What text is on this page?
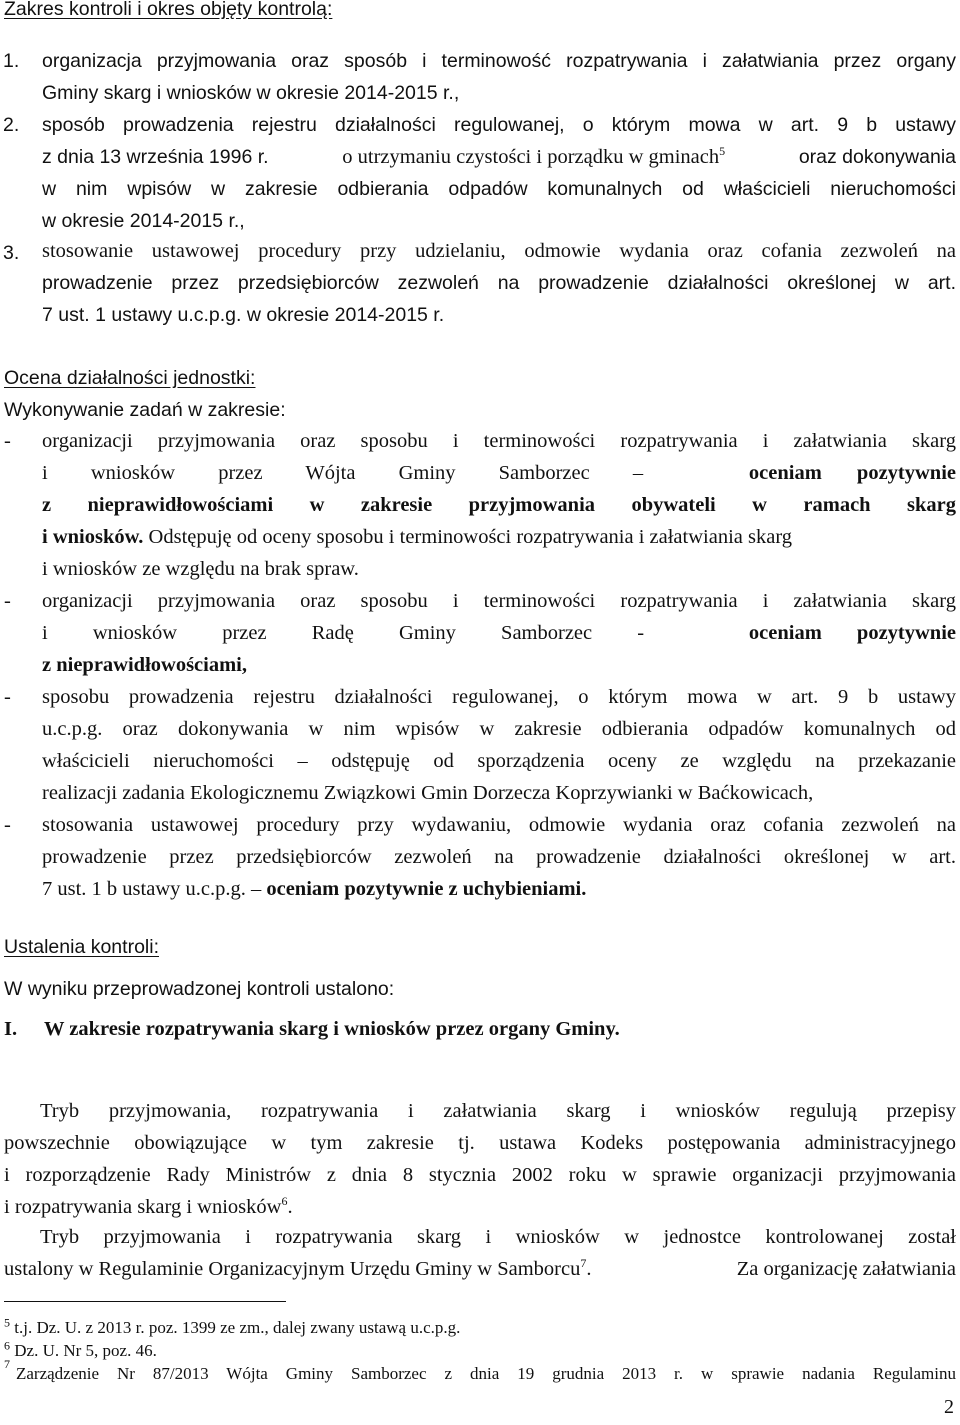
Zakres kontroli i okres objęty kontrolą:
1. organizacja przyjmowania oraz sposób i terminowość rozpatrywania i załatwiania przez organy
Gminy skarg i wniosków w okresie 2014-2015 r.,
2. sposób prowadzenia rejestru działalności regulowanej, o którym mowa w art. 9 b ustawy
z dnia 13 września 1996 r.	o utrzymaniu czystości i porządku w gminach$^5$	oraz dokonywania
w nim wpisów w zakresie odbierania odpadów komunalnych od właścicieli nieruchomości
w okresie 2014-2015 r.,
3. stosowanie ustawowej procedury przy udzielaniu, odmowie wydania oraz cofania zezwoleń na
prowadzenie przez przedsiębiorców zezwoleń na prowadzenie działalności określonej w art.
7 ust. 1 ustawy u.c.p.g. w okresie 2014-2015 r.
Ocena działalności jednostki:
Wykonywanie zadań w zakresie:
- organizacji przyjmowania oraz sposobu i terminowości rozpatrywania i załatwiania skarg
i wniosków przez Wójta Gminy Samborzec –	oceniam pozytywnie
z nieprawidłowościami w zakresie przyjmowania obywateli w ramach skarg
i wniosków. Odstępuję od oceny sposobu i terminowości rozpatrywania i załatwiania skarg
i wniosków ze względu na brak spraw.
- organizacji przyjmowania oraz sposobu i terminowości rozpatrywania i załatwiania skarg
i wniosków przez Radę Gminy Samborzec -	oceniam pozytywnie
z nieprawidłowościami,
- sposobu prowadzenia rejestru działalności regulowanej, o którym mowa w art. 9 b ustawy
u.c.p.g. oraz dokonywania w nim wpisów w zakresie odbierania odpadów komunalnych od
właścicieli nieruchomości – odstępuję od sporządzenia oceny ze względu na przekazanie
realizacji zadania Ekologicznemu Związkowi Gmin Dorzecza Koprzywianki w Baćkowicach,
- stosowania ustawowej procedury przy wydawaniu, odmowie wydania oraz cofania zezwoleń na
prowadzenie przez przedsiębiorców zezwoleń na prowadzenie działalności określonej w art.
7 ust. 1 b ustawy u.c.p.g. – oceniam pozytywnie z uchybieniami.
Ustalenia kontroli:
W wyniku przeprowadzonej kontroli ustalono:
I. W zakresie rozpatrywania skarg i wniosków przez organy Gminy.
Tryb przyjmowania, rozpatrywania i załatwiania skarg i wniosków regulują przepisy
powszechnie obowiązujące w tym zakresie tj. ustawa Kodeks postępowania administracyjnego
i rozporządzenie Rady Ministrów z dnia 8 stycznia 2002 roku w sprawie organizacji przyjmowania
i rozpatrywania skarg i wniosków$^6$.
Tryb przyjmowania i rozpatrywania skarg i wniosków w jednostce kontrolowanej został
ustalony w Regulaminie Organizacyjnym Urzędu Gminy w Samborcu$^7$.	Za organizację załatwiania
$^5$ t.j. Dz. U. z 2013 r. poz. 1399 ze zm., dalej zwany ustawą u.c.p.g.
$^6$ Dz. U. Nr 5, poz. 46.
7 Zarządzenie Nr 87/2013 Wójta Gminy Samborzec z dnia 19 grudnia 2013 r. w sprawie nadania Regulaminu
2
